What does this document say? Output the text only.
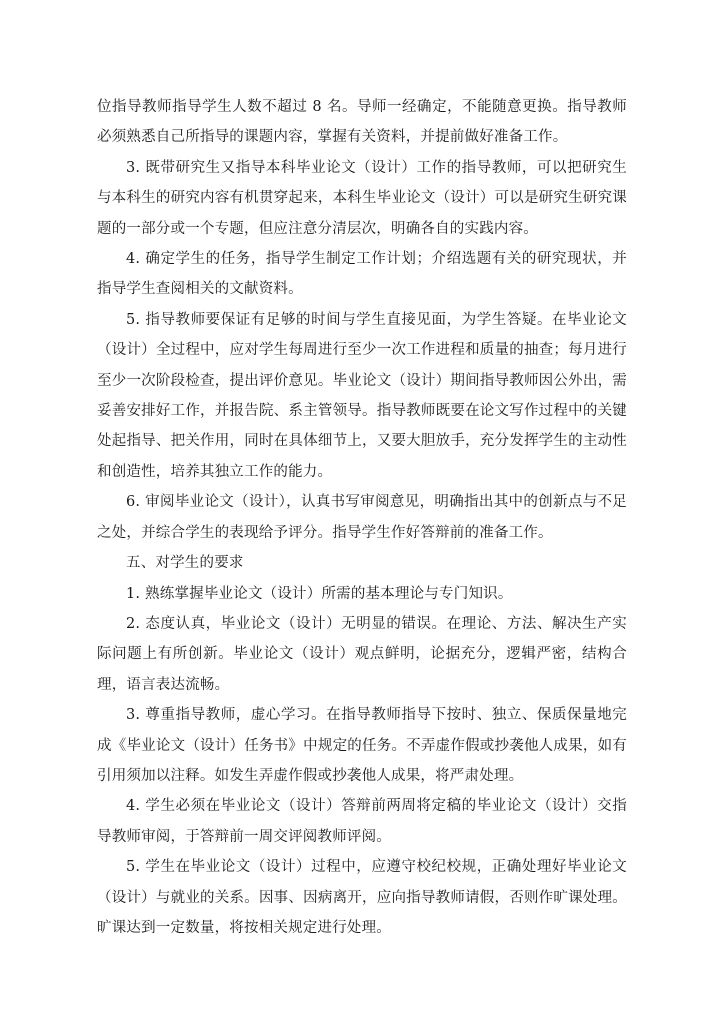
位指导教师指导学生人数不超过 8 名。导师一经确定，不能随意更换。指导教师必须熟悉自己所指导的课题内容，掌握有关资料，并提前做好准备工作。

3. 既带研究生又指导本科毕业论文（设计）工作的指导教师，可以把研究生与本科生的研究内容有机贯穿起来，本科生毕业论文（设计）可以是研究生研究课题的一部分或一个专题，但应注意分清层次，明确各自的实践内容。

4. 确定学生的任务，指导学生制定工作计划；介绍选题有关的研究现状，并指导学生查阅相关的文献资料。

5. 指导教师要保证有足够的时间与学生直接见面，为学生答疑。在毕业论文（设计）全过程中，应对学生每周进行至少一次工作进程和质量的抽查；每月进行至少一次阶段检查，提出评价意见。毕业论文（设计）期间指导教师因公外出，需妥善安排好工作，并报告院、系主管领导。指导教师既要在论文写作过程中的关键处起指导、把关作用，同时在具体细节上，又要大胆放手，充分发挥学生的主动性和创造性，培养其独立工作的能力。

6. 审阅毕业论文（设计），认真书写审阅意见，明确指出其中的创新点与不足之处，并综合学生的表现给予评分。指导学生作好答辩前的准备工作。

五、对学生的要求

1. 熟练掌握毕业论文（设计）所需的基本理论与专门知识。

2. 态度认真，毕业论文（设计）无明显的错误。在理论、方法、解决生产实际问题上有所创新。毕业论文（设计）观点鲜明，论据充分，逻辑严密，结构合理，语言表达流畅。

3. 尊重指导教师，虚心学习。在指导教师指导下按时、独立、保质保量地完成《毕业论文（设计）任务书》中规定的任务。不弄虚作假或抄袭他人成果，如有引用须加以注释。如发生弄虚作假或抄袭他人成果，将严肃处理。

4. 学生必须在毕业论文（设计）答辩前两周将定稿的毕业论文（设计）交指导教师审阅，于答辩前一周交评阅教师评阅。

5. 学生在毕业论文（设计）过程中，应遵守校纪校规，正确处理好毕业论文（设计）与就业的关系。因事、因病离开，应向指导教师请假，否则作旷课处理。旷课达到一定数量，将按相关规定进行处理。
